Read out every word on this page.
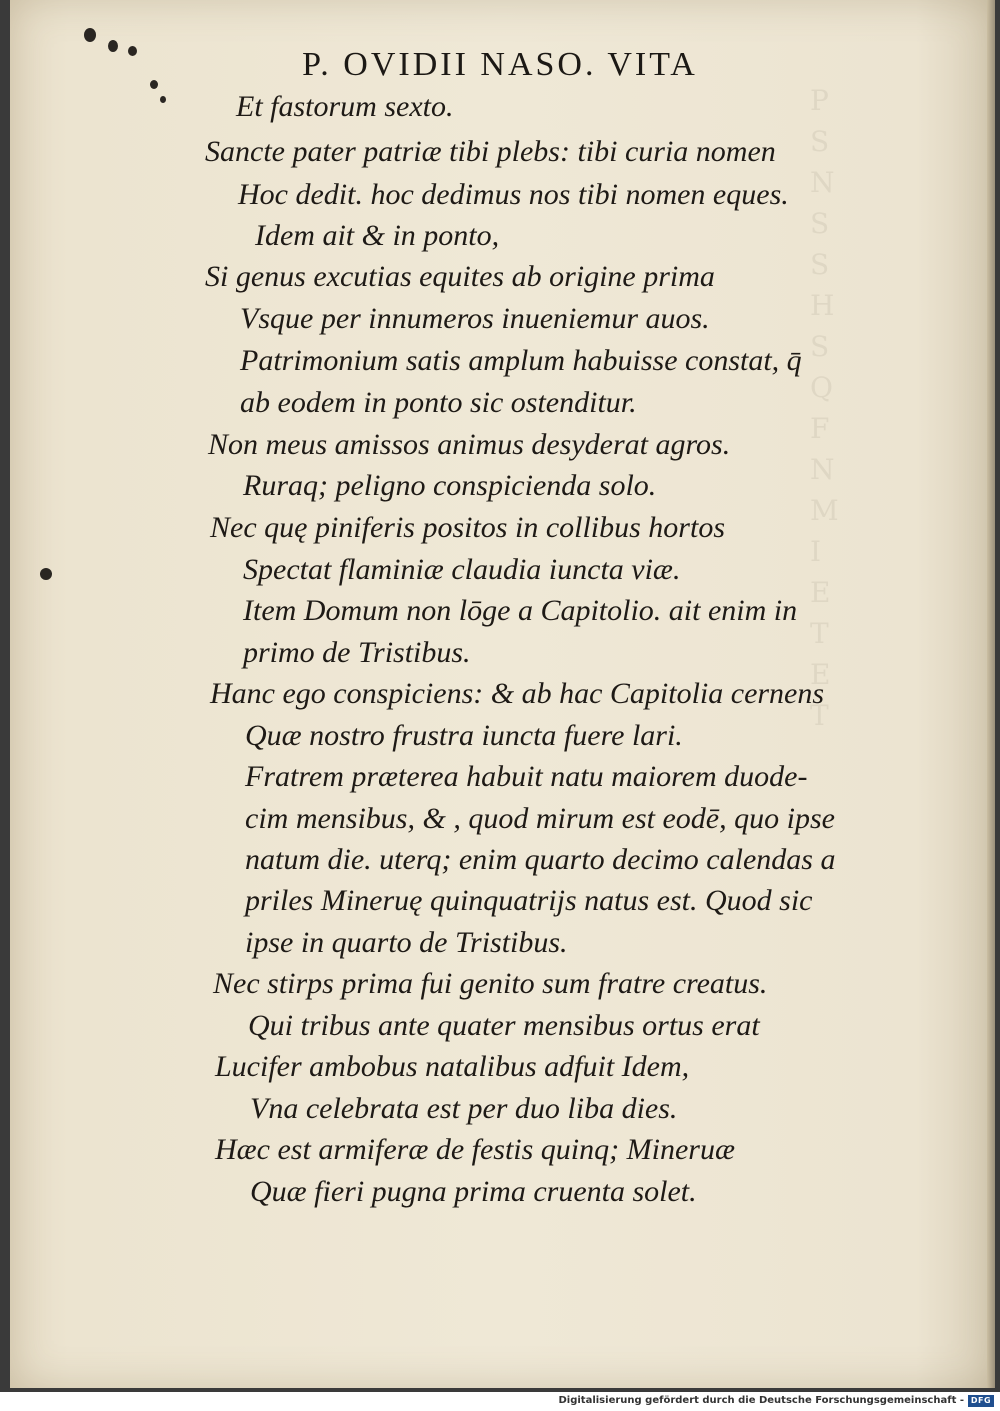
P
S
N
S
S
H
S
Q
F
N
M
I
E
T
E
T
P. OVIDII NASO. VITA
Et fastorum sexto.
Sancte pater patriæ tibi plebs: tibi curia nomen
Hoc dedit. hoc dedimus nos tibi nomen eques.
Idem ait & in ponto,
Si genus excutias equites ab origine prima
Vsque per innumeros inueniemur auos.
Patrimonium satis amplum habuisse constat, q̄
ab eodem in ponto sic ostenditur.
Non meus amissos animus desyderat agros.
Ruraq; peligno conspicienda solo.
Nec quę piniferis positos in collibus hortos
Spectat flaminiæ claudia iuncta viæ.
Item Domum non lōge a Capitolio. ait enim in
primo de Tristibus.
Hanc ego conspiciens: & ab hac Capitolia cernens
Quæ nostro frustra iuncta fuere lari.
Fratrem præterea habuit natu maiorem duode-
cim mensibus, & , quod mirum est eodē, quo ipse
natum die. uterq; enim quarto decimo calendas a
priles Mineruę quinquatrijs natus est. Quod sic
ipse in quarto de Tristibus.
Nec stirps prima fui genito sum fratre creatus.
Qui tribus ante quater mensibus ortus erat
Lucifer ambobus natalibus adfuit Idem,
Vna celebrata est per duo liba dies.
Hæc est armiferæ de festis quinq; Mineruæ
Quæ fieri pugna prima cruenta solet.
Digitalisierung gefördert durch die Deutsche Forschungsgemeinschaft - DFG
